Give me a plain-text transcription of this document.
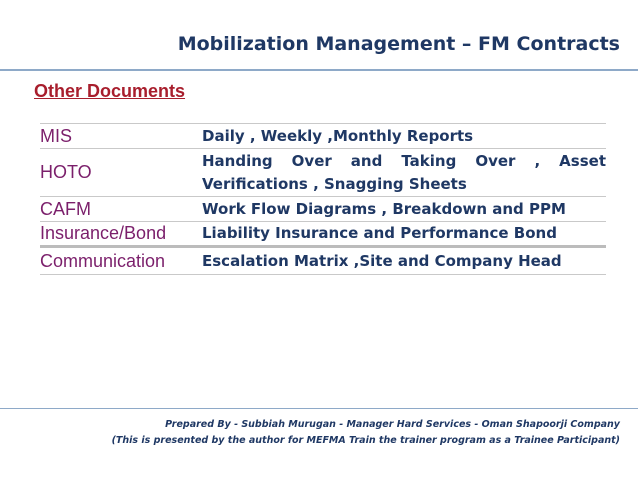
Mobilization Management – FM Contracts
Other Documents
MIS	Daily , Weekly ,Monthly Reports
HOTO	Handing Over and Taking Over , Asset Verifications , Snagging Sheets
CAFM	Work Flow Diagrams , Breakdown and PPM
Insurance/Bond	Liability Insurance and Performance Bond
Communication	Escalation Matrix ,Site and Company Head
Prepared By - Subbiah Murugan - Manager Hard Services - Oman Shapoorji Company
(This is presented by the author for MEFMA Train the trainer program as a Trainee Participant)
